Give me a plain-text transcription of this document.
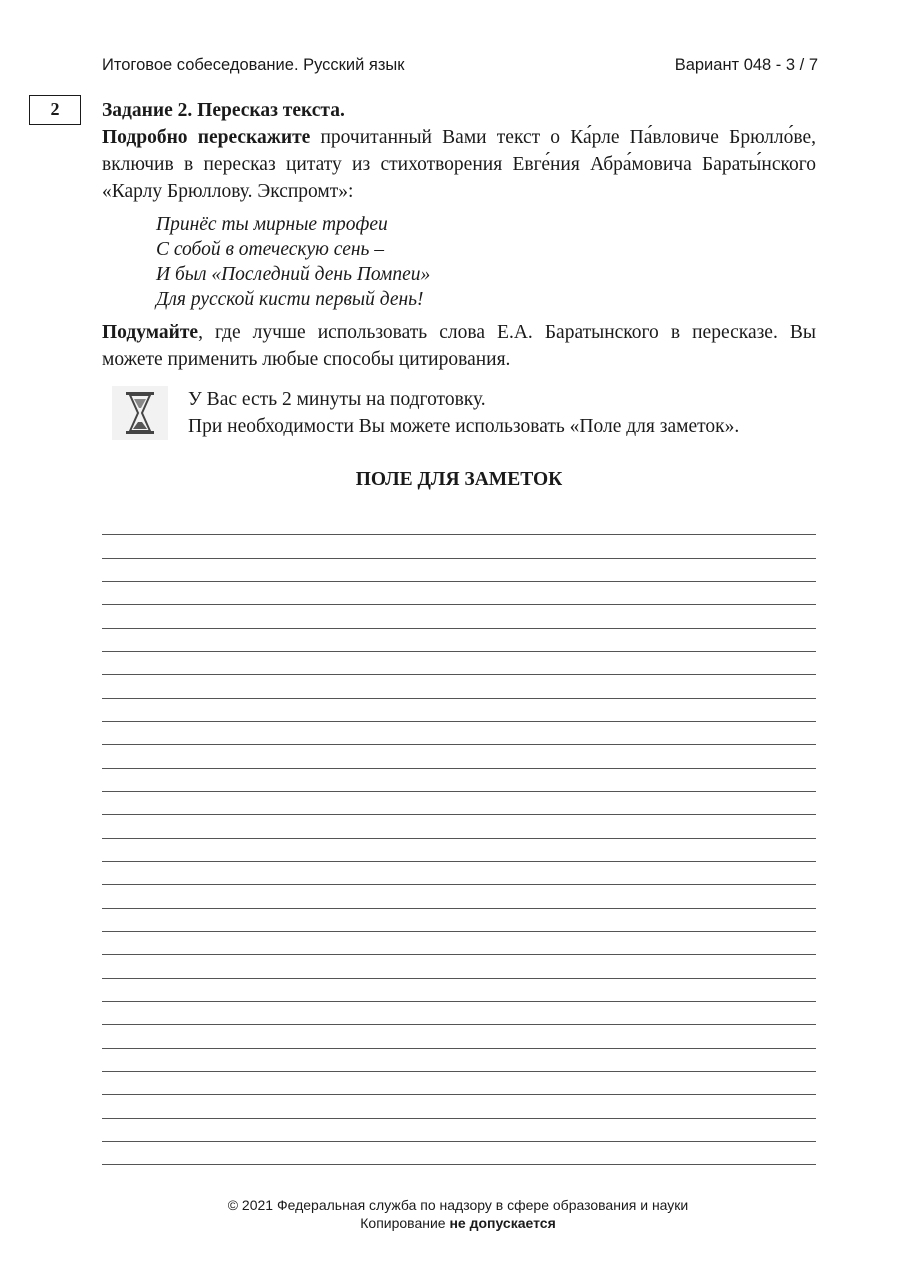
Итоговое собеседование. Русский язык	Вариант 048 - 3 / 7
2	Задание 2. Пересказ текста.
Подробно перескажите прочитанный Вами текст о Ка́рле Па́вловиче Брюлло́ве, включив в пересказ цитату из стихотворения Евге́ния Абра́мовича Бараты́нского «Карлу Брюллову. Экспромт»:
Принёс ты мирные трофеи
С собой в отеческую сень –
И был «Последний день Помпеи»
Для русской кисти первый день!
Подумайте, где лучше использовать слова Е.А. Баратынского в пересказе. Вы можете применить любые способы цитирования.
У Вас есть 2 минуты на подготовку.
При необходимости Вы можете использовать «Поле для заметок».
ПОЛЕ ДЛЯ ЗАМЕТОК
© 2021 Федеральная служба по надзору в сфере образования и науки
Копирование не допускается
